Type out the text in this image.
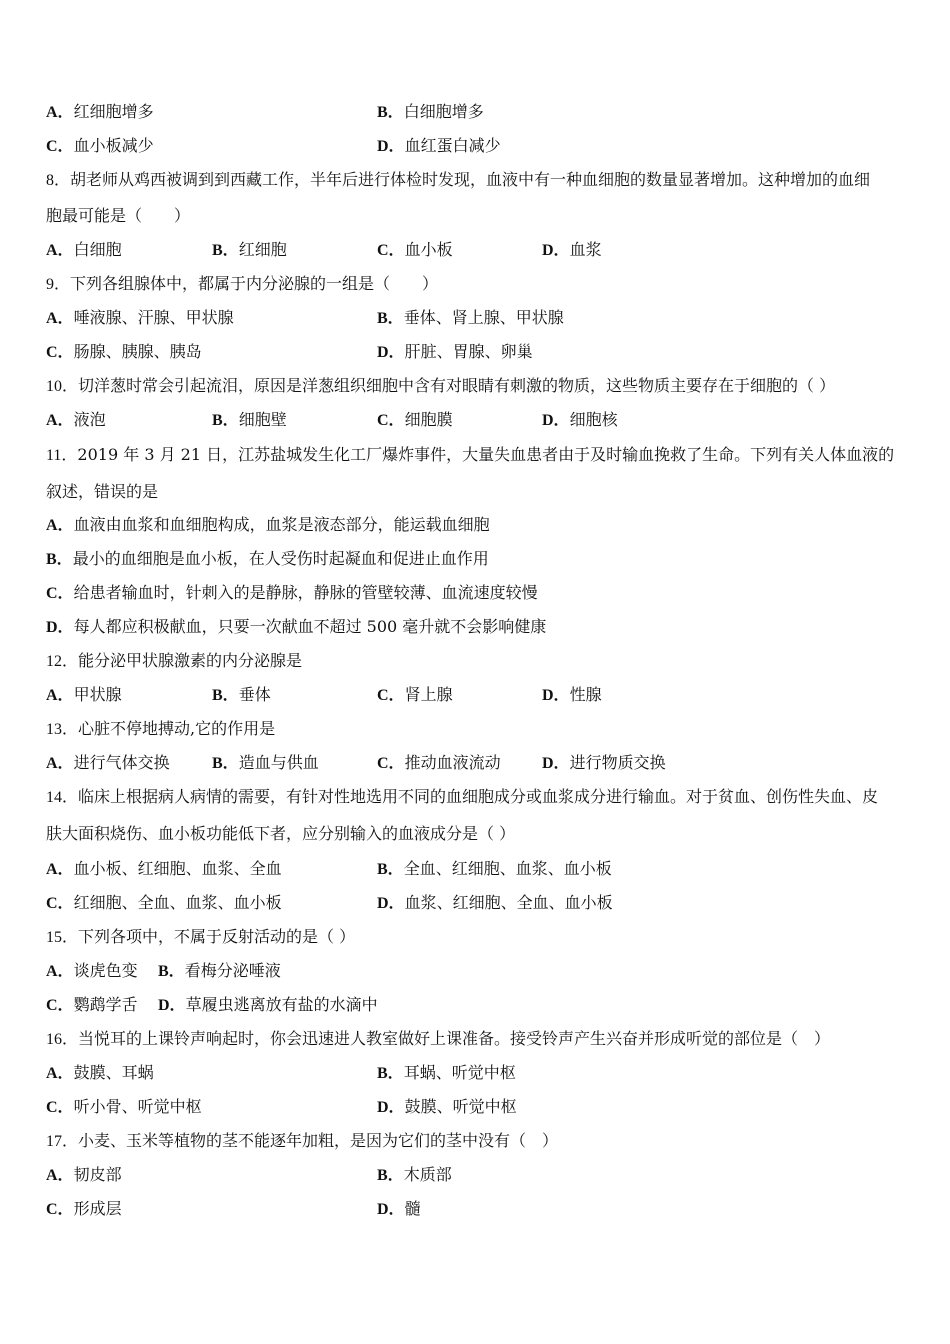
A．红细胞增多	B．白细胞增多
C．血小板减少	D．血红蛋白减少
8．胡老师从鸡西被调到到西藏工作，半年后进行体检时发现，血液中有一种血细胞的数量显著增加。这种增加的血细
胞最可能是（　　）
A．白细胞	B．红细胞	C．血小板	D．血浆
9．下列各组腺体中，都属于内分泌腺的一组是（　　）
A．唾液腺、汗腺、甲状腺	B．垂体、肾上腺、甲状腺
C．肠腺、胰腺、胰岛	D．肝脏、胃腺、卵巢
10．切洋葱时常会引起流泪，原因是洋葱组织细胞中含有对眼睛有刺激的物质，这些物质主要存在于细胞的（ ）
A．液泡	B．细胞壁	C．细胞膜	D．细胞核
11．2019 年 3 月 21 日，江苏盐城发生化工厂爆炸事件，大量失血患者由于及时输血挽救了生命。下列有关人体血液的
叙述，错误的是
A．血液由血浆和血细胞构成，血浆是液态部分，能运载血细胞
B．最小的血细胞是血小板，在人受伤时起凝血和促进止血作用
C．给患者输血时，针刺入的是静脉，静脉的管壁较薄、血流速度较慢
D．每人都应积极献血，只要一次献血不超过 500 毫升就不会影响健康
12．能分泌甲状腺激素的内分泌腺是
A．甲状腺	B．垂体	C．肾上腺	D．性腺
13．心脏不停地搏动,它的作用是
A．进行气体交换	B．造血与供血	C．推动血液流动	D．进行物质交换
14．临床上根据病人病情的需要，有针对性地选用不同的血细胞成分或血浆成分进行输血。对于贫血、创伤性失血、皮
肤大面积烧伤、血小板功能低下者，应分别输入的血液成分是（ ）
A．血小板、红细胞、血浆、全血	B．全血、红细胞、血浆、血小板
C．红细胞、全血、血浆、血小板	D．血浆、红细胞、全血、血小板
15．下列各项中，不属于反射活动的是（ ）
A．谈虎色变 B．看梅分泌唾液
C．鹦鹉学舌 D．草履虫逃离放有盐的水滴中
16．当悦耳的上课铃声响起时，你会迅速进人教室做好上课准备。接受铃声产生兴奋并形成听觉的部位是（　）
A．鼓膜、耳蜗	B．耳蜗、听觉中枢
C．听小骨、听觉中枢	D．鼓膜、听觉中枢
17．小麦、玉米等植物的茎不能逐年加粗，是因为它们的茎中没有（　）
A．韧皮部	B．木质部
C．形成层	D．髓
